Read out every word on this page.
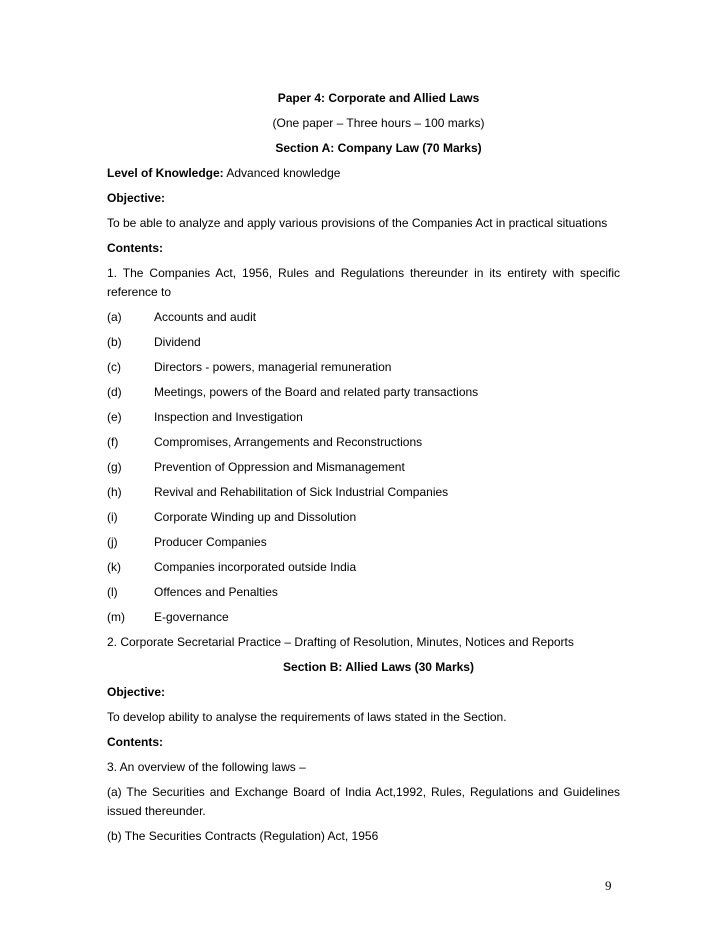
Paper 4: Corporate and Allied Laws
(One paper – Three hours – 100 marks)
Section A: Company Law (70 Marks)
Level of Knowledge: Advanced knowledge
Objective:
To be able to analyze and apply various provisions of the Companies Act in practical situations
Contents:
1. The Companies Act, 1956, Rules and Regulations thereunder in its entirety with specific reference to
(a)	Accounts and audit
(b)	Dividend
(c)	Directors - powers, managerial remuneration
(d)	Meetings, powers of the Board and related party transactions
(e)	Inspection and Investigation
(f)	Compromises, Arrangements and Reconstructions
(g)	Prevention of Oppression and Mismanagement
(h)	Revival and Rehabilitation of Sick Industrial Companies
(i)	Corporate Winding up and Dissolution
(j)	Producer Companies
(k)	Companies incorporated outside India
(l)	Offences and Penalties
(m)	E-governance
2. Corporate Secretarial Practice – Drafting of Resolution, Minutes, Notices and Reports
Section B: Allied Laws (30 Marks)
Objective:
To develop ability to analyse the requirements of laws stated in the Section.
Contents:
3. An overview of the following laws –
(a) The Securities and Exchange Board of India Act,1992, Rules, Regulations and Guidelines issued thereunder.
(b) The Securities Contracts (Regulation) Act, 1956
9
